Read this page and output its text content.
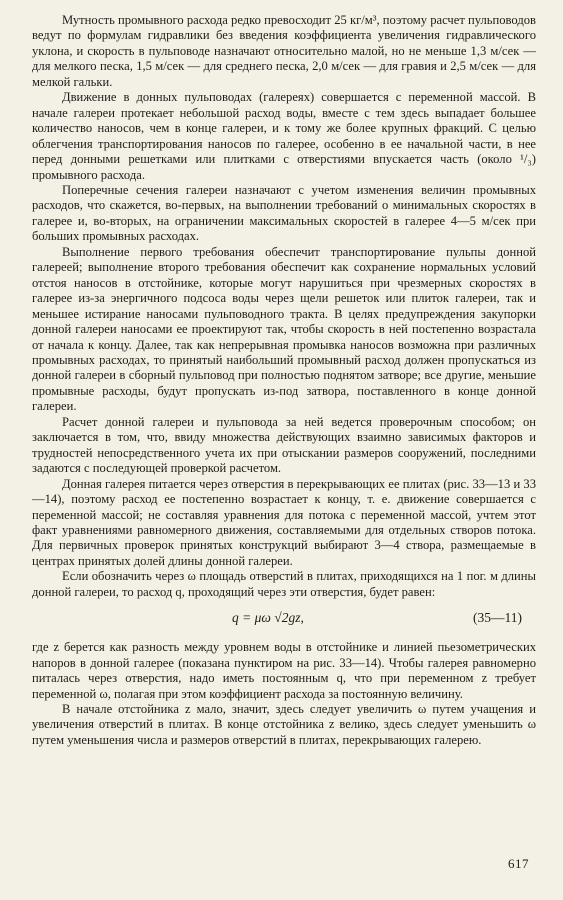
Мутность промывного расхода редко превосходит 25 кг/м³, поэтому расчет пульповодов ведут по формулам гидравлики без введения коэффициента увеличения гидравлического уклона, и скорость в пульповоде назначают относительно малой, но не меньше 1,3 м/сек — для мелкого песка, 1,5 м/сек — для среднего песка, 2,0 м/сек — для гравия и 2,5 м/сек — для мелкой гальки.

Движение в донных пульповодах (галереях) совершается с переменной массой. В начале галереи протекает небольшой расход воды, вместе с тем здесь выпадает большее количество наносов, чем в конце галереи, и к тому же более крупных фракций. С целью облегчения транспортирования наносов по галерее, особенно в ее начальной части, в нее перед донными решетками или плитками с отверстиями впускается часть (около ¹/₃) промывного расхода.

Поперечные сечения галереи назначают с учетом изменения величин промывных расходов, что скажется, во-первых, на выполнении требований о минимальных скоростях в галерее и, во-вторых, на ограничении максимальных скоростей в галерее 4—5 м/сек при больших промывных расходах.

Выполнение первого требования обеспечит транспортирование пульпы донной галереей; выполнение второго требования обеспечит как сохранение нормальных условий отстоя наносов в отстойнике, которые могут нарушиться при чрезмерных скоростях в галерее из-за энергичного подсоса воды через щели решеток или плиток галереи, так и меньшее истирание наносами пульповодного тракта. В целях предупреждения закупорки донной галереи наносами ее проектируют так, чтобы скорость в ней постепенно возрастала от начала к концу. Далее, так как непрерывная промывка наносов возможна при различных промывных расходах, то принятый наибольший промывный расход должен пропускаться из донной галереи в сборный пульповод при полностью поднятом затворе; все другие, меньшие промывные расходы, будут пропускать из-под затвора, поставленного в конце донной галереи.

Расчет донной галереи и пульповода за ней ведется проверочным способом; он заключается в том, что, ввиду множества действующих взаимно зависимых факторов и трудностей непосредственного учета их при отыскании размеров сооружений, последними задаются с последующей проверкой расчетом.

Донная галерея питается через отверстия в перекрывающих ее плитах (рис. 33—13 и 33—14), поэтому расход ее постепенно возрастает к концу, т. е. движение совершается с переменной массой; не составляя уравнения для потока с переменной массой, учтем этот факт уравнениями равномерного движения, составляемыми для отдельных створов потока. Для первичных проверок принятых конструкций выбирают 3—4 створа, размещаемые в центрах принятых долей длины донной галереи.

Если обозначить через ω площадь отверстий в плитах, приходящихся на 1 пог. м длины донной галереи, то расход q, проходящий через эти отверстия, будет равен:

q = μω √2gz,	(35—11)

где z берется как разность между уровнем воды в отстойнике и линией пьезометрических напоров в донной галерее (показана пунктиром на рис. 33—14). Чтобы галерея равномерно питалась через отверстия, надо иметь постоянным q, что при переменном z требует переменной ω, полагая при этом коэффициент расхода за постоянную величину.

В начале отстойника z мало, значит, здесь следует увеличить ω путем учащения и увеличения отверстий в плитах. В конце отстойника z велико, здесь следует уменьшить ω путем уменьшения числа и размеров отверстий в плитах, перекрывающих галерею.

617
